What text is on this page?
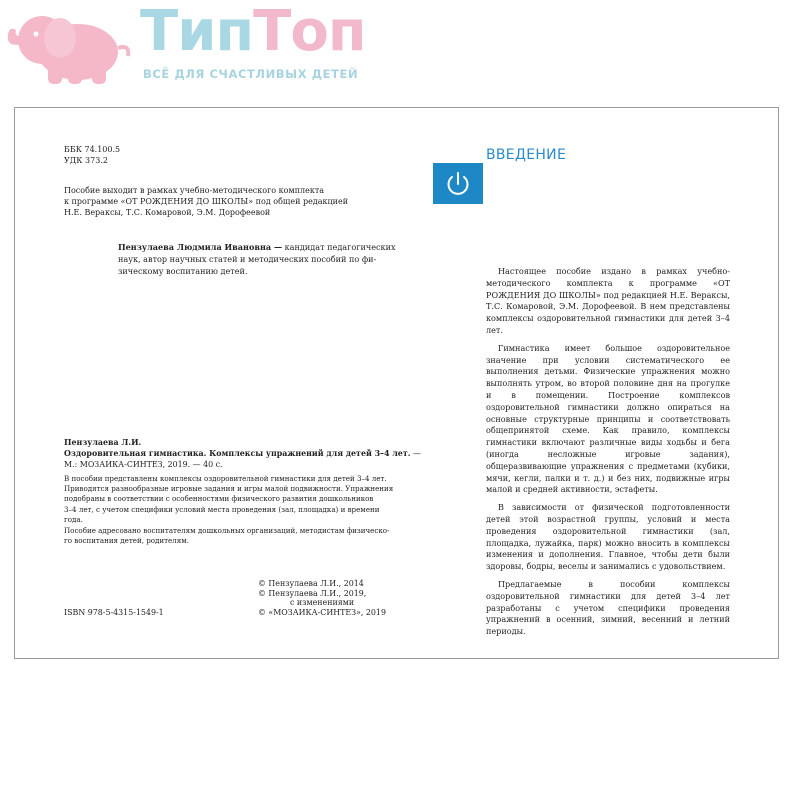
ТипТоп
ВСЁ ДЛЯ СЧАСТЛИВЫХ ДЕТЕЙ
ББК 74.100.5
УДК 373.2
Пособие выходит в рамках учебно-методического комплекта
к программе «ОТ РОЖДЕНИЯ ДО ШКОЛЫ» под общей редакцией
Н.Е. Вераксы, Т.С. Комаровой, Э.М. Дорофеевой
Пензулаева Людмила Ивановна — кандидат педагогических
наук, автор научных статей и методических пособий по фи-
зическому воспитанию детей.
Пензулаева Л.И.
Оздоровительная гимнастика. Комплексы упражнений для детей 3–4 лет. —
М.: МОЗАИКА-СИНТЕЗ, 2019. — 40 с.
В пособии представлены комплексы оздоровительной гимнастики для детей 3–4 лет.
Приводятся разнообразные игровые задания и игры малой подвижности. Упражнения
подобраны в соответствии с особенностями физического развития дошкольников
3–4 лет, с учетом специфики условий места проведения (зал, площадка) и времени
года.
Пособие адресовано воспитателям дошкольных организаций, методистам физическо-
го воспитания детей, родителям.
© Пензулаева Л.И., 2014
© Пензулаева Л.И., 2019,
с изменениями
© «МОЗАИКА-СИНТЕЗ», 2019
ISBN 978-5-4315-1549-1
ВВЕДЕНИЕ

Настоящее пособие издано в рамках учебно-методического комплекта к программе «ОТ РОЖДЕНИЯ ДО ШКОЛЫ» под редакцией Н.Е. Вераксы, Т.С. Комаровой, Э.М. Дорофеевой. В нем представлены комплексы оздоровительной гимнастики для детей 3–4 лет.

Гимнастика имеет большое оздоровительное значение при условии систематического ее выполнения детьми. Физические упражнения можно выполнять утром, во второй половине дня на прогулке и в помещении. Построение комплексов оздоровительной гимнастики должно опираться на основные структурные принципы и соответствовать общепринятой схеме. Как правило, комплексы гимнастики включают различные виды ходьбы и бега (иногда несложные игровые задания), общеразвивающие упражнения с предметами (кубики, мячи, кегли, палки и т. д.) и без них, подвижные игры малой и средней активности, эстафеты.

В зависимости от физической подготовленности детей этой возрастной группы, условий и места проведения оздоровительной гимнастики (зал, площадка, лужайка, парк) можно вносить в комплексы изменения и дополнения. Главное, чтобы дети были здоровы, бодры, веселы и занимались с удовольствием.

Предлагаемые в пособии комплексы оздоровительной гимнастики для детей 3–4 лет разработаны с учетом специфики проведения упражнений в осенний, зимний, весенний и летний периоды.
